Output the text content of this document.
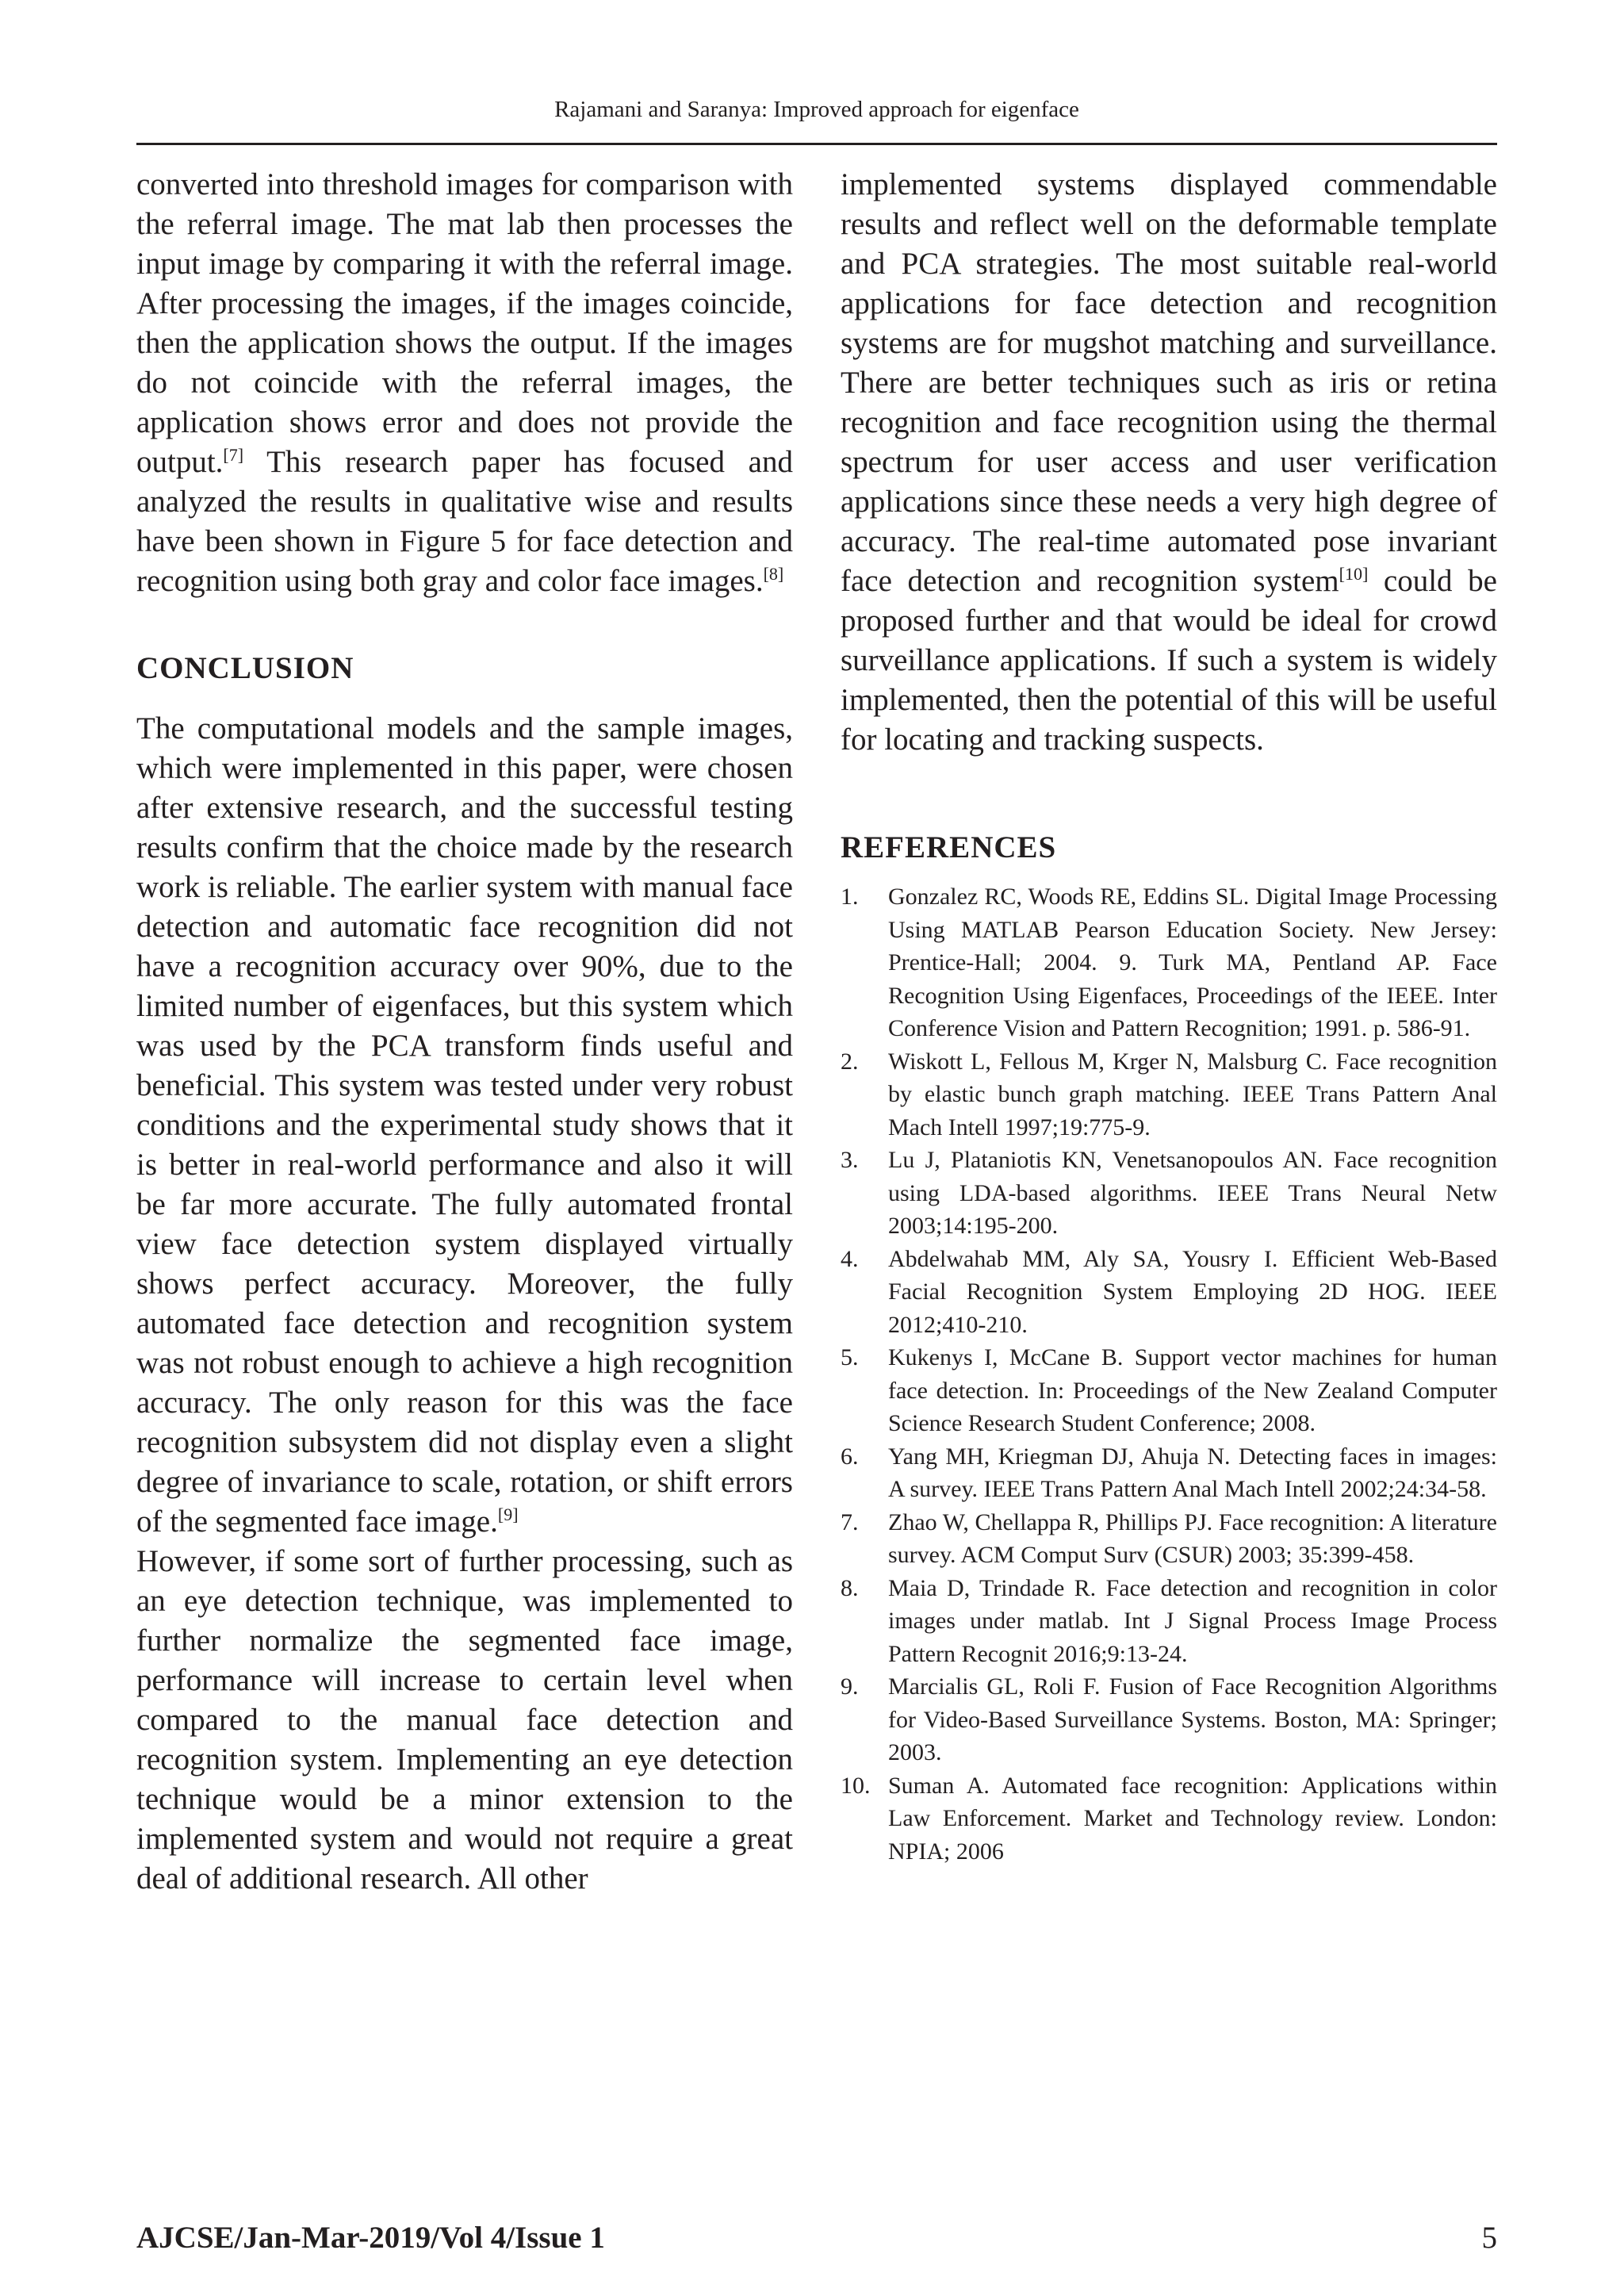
Rajamani and Saranya: Improved approach for eigenface

converted into threshold images for comparison with the referral image. The mat lab then processes the input image by comparing it with the referral image. After processing the images, if the images coincide, then the application shows the output. If the images do not coincide with the referral images, the application shows error and does not provide the output.[7] This research paper has focused and analyzed the results in qualitative wise and results have been shown in Figure 5 for face detection and recognition using both gray and color face images.[8]

CONCLUSION

The computational models and the sample images, which were implemented in this paper, were chosen after extensive research, and the successful testing results confirm that the choice made by the research work is reliable. The earlier system with manual face detection and automatic face recognition did not have a recognition accuracy over 90%, due to the limited number of eigenfaces, but this system which was used by the PCA transform finds useful and beneficial. This system was tested under very robust conditions and the experimental study shows that it is better in real-world performance and also it will be far more accurate. The fully automated frontal view face detection system displayed virtually shows perfect accuracy. Moreover, the fully automated face detection and recognition system was not robust enough to achieve a high recognition accuracy. The only reason for this was the face recognition subsystem did not display even a slight degree of invariance to scale, rotation, or shift errors of the segmented face image.[9]

However, if some sort of further processing, such as an eye detection technique, was implemented to further normalize the segmented face image, performance will increase to certain level when compared to the manual face detection and recognition system. Implementing an eye detection technique would be a minor extension to the implemented system and would not require a great deal of additional research. All other

implemented systems displayed commendable results and reflect well on the deformable template and PCA strategies. The most suitable real-world applications for face detection and recognition systems are for mugshot matching and surveillance. There are better techniques such as iris or retina recognition and face recognition using the thermal spectrum for user access and user verification applications since these needs a very high degree of accuracy. The real-time automated pose invariant face detection and recognition system[10] could be proposed further and that would be ideal for crowd surveillance applications. If such a system is widely implemented, then the potential of this will be useful for locating and tracking suspects.

REFERENCES
1.	Gonzalez RC, Woods RE, Eddins SL. Digital Image Processing Using MATLAB Pearson Education Society. New Jersey: Prentice-Hall; 2004. 9. Turk MA, Pentland AP. Face Recognition Using Eigenfaces, Proceedings of the IEEE. Inter Conference Vision and Pattern Recognition; 1991. p. 586-91.
2.	Wiskott L, Fellous M, Krger N, Malsburg C. Face recognition by elastic bunch graph matching. IEEE Trans Pattern Anal Mach Intell 1997;19:775-9.
3.	Lu J, Plataniotis KN, Venetsanopoulos AN. Face recognition using LDA-based algorithms. IEEE Trans Neural Netw 2003;14:195-200.
4.	Abdelwahab MM, Aly SA, Yousry I. Efficient Web-Based Facial Recognition System Employing 2D HOG. IEEE 2012;410-210.
5.	Kukenys I, McCane B. Support vector machines for human face detection. In: Proceedings of the New Zealand Computer Science Research Student Conference; 2008.
6.	Yang MH, Kriegman DJ, Ahuja N. Detecting faces in images: A survey. IEEE Trans Pattern Anal Mach Intell 2002;24:34-58.
7.	Zhao W, Chellappa R, Phillips PJ. Face recognition: A literature survey. ACM Comput Surv (CSUR) 2003; 35:399-458.
8.	Maia D, Trindade R. Face detection and recognition in color images under matlab. Int J Signal Process Image Process Pattern Recognit 2016;9:13-24.
9.	Marcialis GL, Roli F. Fusion of Face Recognition Algorithms for Video-Based Surveillance Systems. Boston, MA: Springer; 2003.
10. Suman A. Automated face recognition: Applications within Law Enforcement. Market and Technology review. London: NPIA; 2006
AJCSE/Jan-Mar-2019/Vol 4/Issue 1	5
